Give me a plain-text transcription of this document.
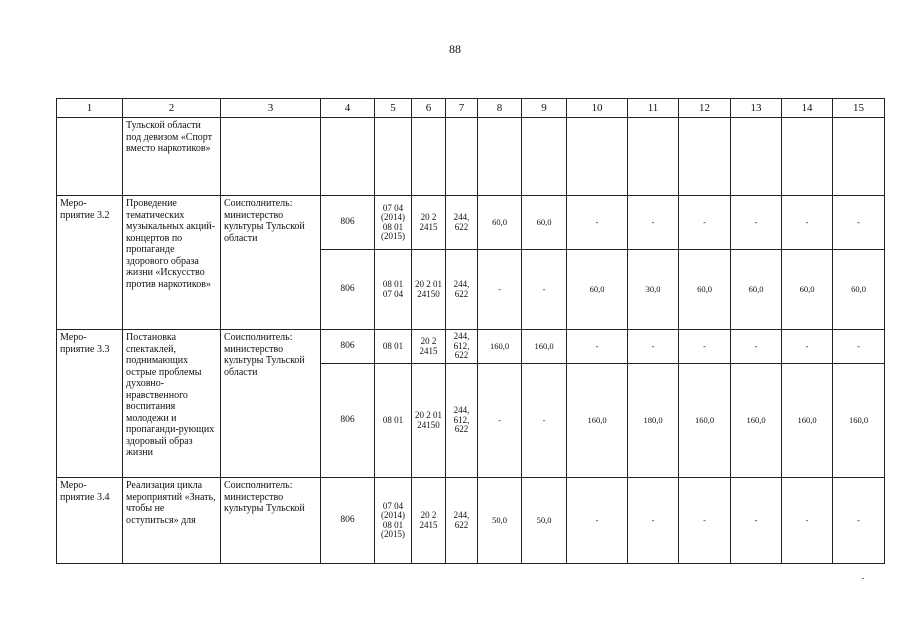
88
1	2	3	4	5	6	7	8	9	10	11	12	13	14	15
	Тульской области под девизом «Спорт вместо наркотиков»													
Меро-приятие 3.2	Проведение тематических музыкальных акций-концертов по пропаганде здорового образа жизни «Искусство против наркотиков»	Соисполнитель: министерство культуры Тульской области	806	07 04 (2014) 08 01 (2015)	20 2 2415	244, 622	60,0	60,0	-	-	-	-	-	-
			806	08 01 07 04	20 2 01 24150	244, 622	-	-	60,0	30,0	60,0	60,0	60,0	60,0
Меро-приятие 3.3	Постановка спектаклей, поднимающих острые проблемы духовно-нравственного воспитания молодежи и пропаганди-рующих здоровый образ жизни	Соисполнитель: министерство культуры Тульской области	806	08 01	20 2 2415	244, 612, 622	160,0	160,0	-	-	-	-	-	-
			806	08 01	20 2 01 24150	244, 612, 622	-	-	160,0	180,0	160,0	160,0	160,0	160,0
Меро-приятие 3.4	Реализация цикла мероприятий «Знать, чтобы не оступиться» для	Соисполнитель: министерство культуры Тульской	806	07 04 (2014) 08 01 (2015)	20 2 2415	244, 622	50,0	50,0	-	-	-	-	-	-
